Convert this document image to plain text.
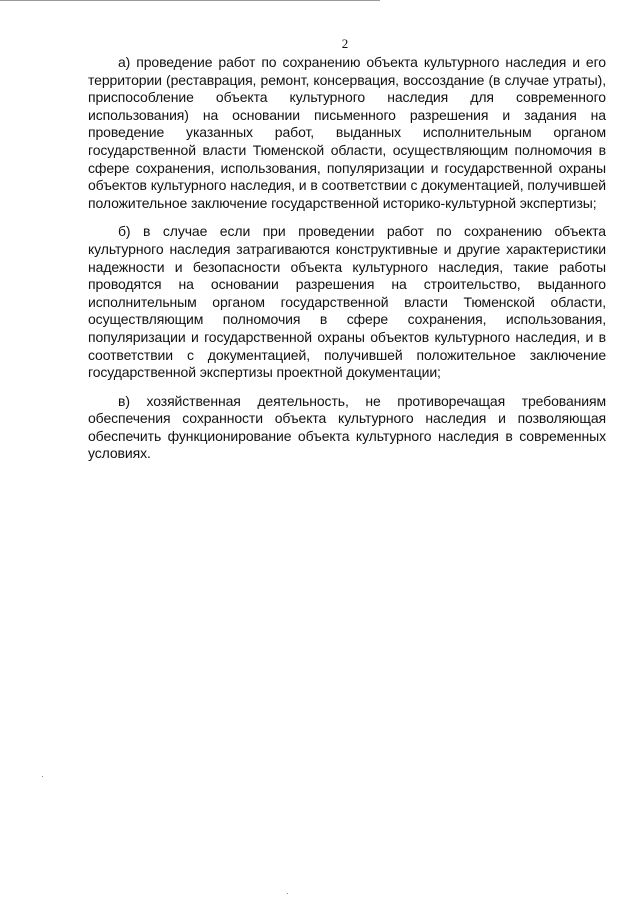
2

а) проведение работ по сохранению объекта культурного наследия и его территории (реставрация, ремонт, консервация, воссоздание (в случае утраты), приспособление объекта культурного наследия для современного использования) на основании письменного разрешения и задания на проведение указанных работ, выданных исполнительным органом государственной власти Тюменской области, осуществляющим полномочия в сфере сохранения, использования, популяризации и государственной охраны объектов культурного наследия, и в соответствии с документацией, получившей положительное заключение государственной историко-культурной экспертизы;

б) в случае если при проведении работ по сохранению объекта культурного наследия затрагиваются конструктивные и другие характеристики надежности и безопасности объекта культурного наследия, такие работы проводятся на основании разрешения на строительство, выданного исполнительным органом государственной власти Тюменской области, осуществляющим полномочия в сфере сохранения, использования, популяризации и государственной охраны объектов культурного наследия, и в соответствии с документацией, получившей положительное заключение государственной экспертизы проектной документации;

в) хозяйственная деятельность, не противоречащая требованиям обеспечения сохранности объекта культурного наследия и позволяющая обеспечить функционирование объекта культурного наследия в современных условиях.
